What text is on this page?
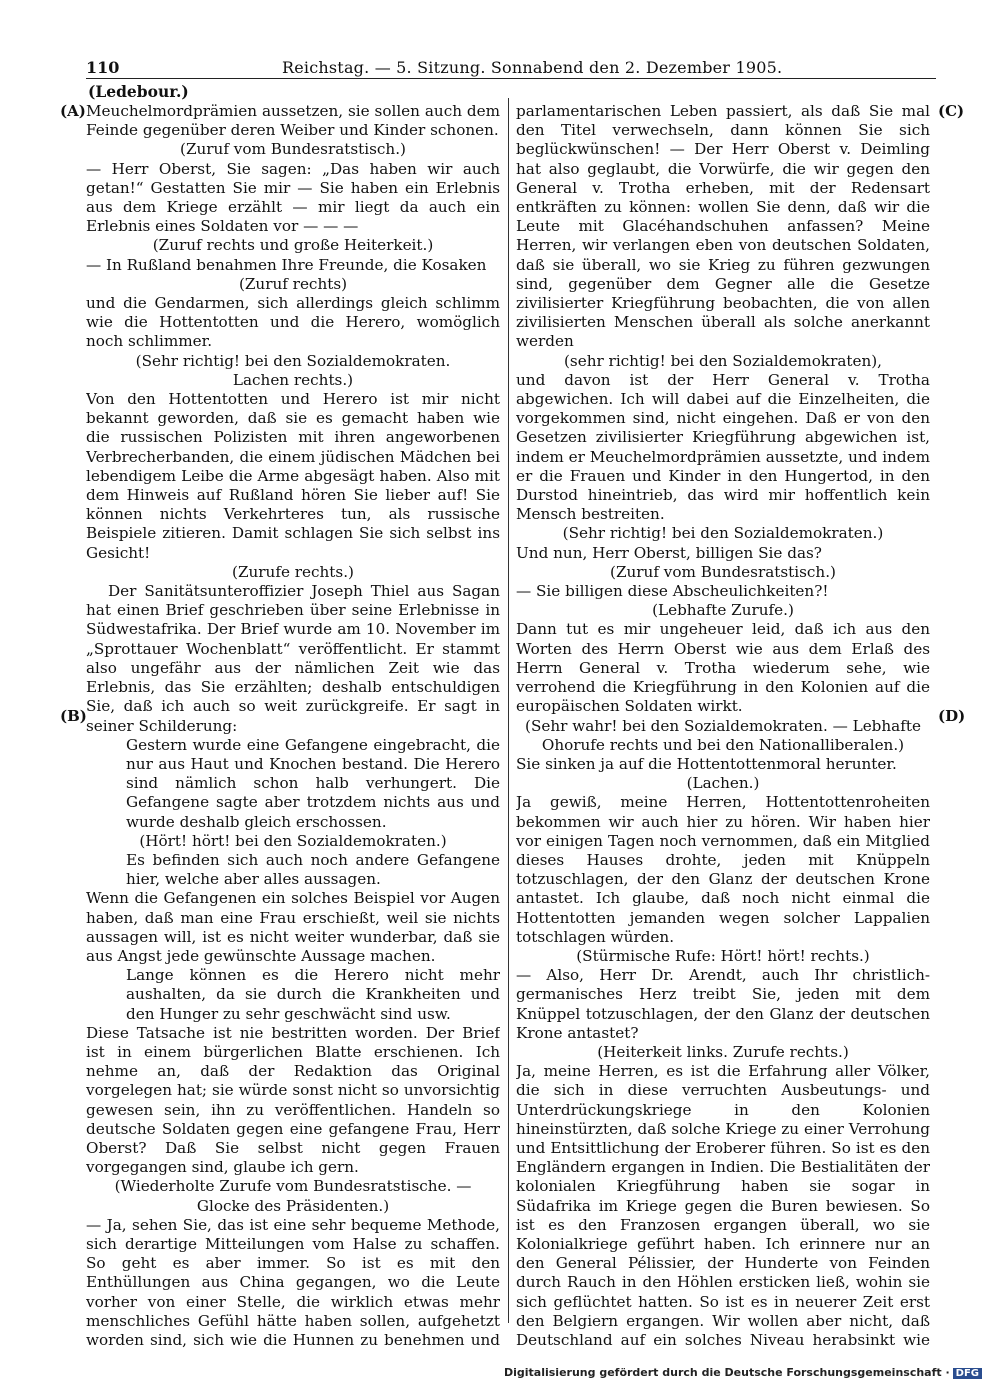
110	Reichstag. — 5. Sitzung. Sonnabend den 2. Dezember 1905.
(Ledebour.)
(A)
(B)
(C)
(D)

Meuchelmordprämien aussetzen, sie sollen auch dem Feinde gegenüber deren Weiber und Kinder schonen.

(Zuruf vom Bundesratstisch.)

— Herr Oberst, Sie sagen: „Das haben wir auch getan!“ Gestatten Sie mir — Sie haben ein Erlebnis aus dem Kriege erzählt — mir liegt da auch ein Erlebnis eines Soldaten vor — — —

(Zuruf rechts und große Heiterkeit.)

— In Rußland benahmen Ihre Freunde, die Kosaken

(Zuruf rechts)

und die Gendarmen, sich allerdings gleich schlimm wie die Hottentotten und die Herero, womöglich noch schlimmer.

(Sehr richtig! bei den Sozialdemokraten.

Lachen rechts.)

Von den Hottentotten und Herero ist mir nicht bekannt geworden, daß sie es gemacht haben wie die russischen Polizisten mit ihren angeworbenen Verbrecherbanden, die einem jüdischen Mädchen bei lebendigem Leibe die Arme abgesägt haben. Also mit dem Hinweis auf Rußland hören Sie lieber auf! Sie können nichts Verkehrteres tun, als russische Beispiele zitieren. Damit schlagen Sie sich selbst ins Gesicht!

(Zurufe rechts.)

Der Sanitätsunteroffizier Joseph Thiel aus Sagan hat einen Brief geschrieben über seine Erlebnisse in Südwestafrika. Der Brief wurde am 10. November im „Sprottauer Wochenblatt“ veröffentlicht. Er stammt also ungefähr aus der nämlichen Zeit wie das Erlebnis, das Sie erzählten; deshalb entschuldigen Sie, daß ich auch so weit zurückgreife. Er sagt in seiner Schilderung:

Gestern wurde eine Gefangene eingebracht, die nur aus Haut und Knochen bestand. Die Herero sind nämlich schon halb verhungert. Die Gefangene sagte aber trotzdem nichts aus und wurde deshalb gleich erschossen.

(Hört! hört! bei den Sozialdemokraten.)

Es befinden sich auch noch andere Gefangene hier, welche aber alles aussagen.

Wenn die Gefangenen ein solches Beispiel vor Augen haben, daß man eine Frau erschießt, weil sie nichts aussagen will, ist es nicht weiter wunderbar, daß sie aus Angst jede gewünschte Aussage machen.

Lange können es die Herero nicht mehr aushalten, da sie durch die Krankheiten und den Hunger zu sehr geschwächt sind usw.

Diese Tatsache ist nie bestritten worden. Der Brief ist in einem bürgerlichen Blatte erschienen. Ich nehme an, daß der Redaktion das Original vorgelegen hat; sie würde sonst nicht so unvorsichtig gewesen sein, ihn zu veröffentlichen. Handeln so deutsche Soldaten gegen eine gefangene Frau, Herr Oberst? Daß Sie selbst nicht gegen Frauen vorgegangen sind, glaube ich gern.

(Wiederholte Zurufe vom Bundesratstische. —

Glocke des Präsidenten.)

— Ja, sehen Sie, das ist eine sehr bequeme Methode, sich derartige Mitteilungen vom Halse zu schaffen. So geht es aber immer. So ist es mit den Enthüllungen aus China gegangen, wo die Leute vorher von einer Stelle, die wirklich etwas mehr menschliches Gefühl hätte haben sollen, aufgehetzt worden sind, sich wie die Hunnen zu benehmen und

parlamentarischen Leben passiert, als daß Sie mal den Titel verwechseln, dann können Sie sich beglückwünschen! — Der Herr Oberst v. Deimling hat also geglaubt, die Vorwürfe, die wir gegen den General v. Trotha erheben, mit der Redensart entkräften zu können: wollen Sie denn, daß wir die Leute mit Glacéhandschuhen anfassen? Meine Herren, wir verlangen eben von deutschen Soldaten, daß sie überall, wo sie Krieg zu führen gezwungen sind, gegenüber dem Gegner alle die Gesetze zivilisierter Kriegführung beobachten, die von allen zivilisierten Menschen überall als solche anerkannt werden

(sehr richtig! bei den Sozialdemokraten),

und davon ist der Herr General v. Trotha abgewichen. Ich will dabei auf die Einzelheiten, die vorgekommen sind, nicht eingehen. Daß er von den Gesetzen zivilisierter Kriegführung abgewichen ist, indem er Meuchelmordprämien aussetzte, und indem er die Frauen und Kinder in den Hungertod, in den Durstod hineintrieb, das wird mir hoffentlich kein Mensch bestreiten.

(Sehr richtig! bei den Sozialdemokraten.)

Und nun, Herr Oberst, billigen Sie das?

(Zuruf vom Bundesratstisch.)

— Sie billigen diese Abscheulichkeiten?!

(Lebhafte Zurufe.)

Dann tut es mir ungeheuer leid, daß ich aus den Worten des Herrn Oberst wie aus dem Erlaß des Herrn General v. Trotha wiederum sehe, wie verrohend die Kriegführung in den Kolonien auf die europäischen Soldaten wirkt.

(Sehr wahr! bei den Sozialdemokraten. — Lebhafte Ohorufe rechts und bei den Nationalliberalen.)

Sie sinken ja auf die Hottentottenmoral herunter.

(Lachen.)

Ja gewiß, meine Herren, Hottentottenroheiten bekommen wir auch hier zu hören. Wir haben hier vor einigen Tagen noch vernommen, daß ein Mitglied dieses Hauses drohte, jeden mit Knüppeln totzuschlagen, der den Glanz der deutschen Krone antastet. Ich glaube, daß noch nicht einmal die Hottentotten jemanden wegen solcher Lappalien totschlagen würden.

(Stürmische Rufe: Hört! hört! rechts.)

— Also, Herr Dr. Arendt, auch Ihr christlich-germanisches Herz treibt Sie, jeden mit dem Knüppel totzuschlagen, der den Glanz der deutschen Krone antastet?

(Heiterkeit links. Zurufe rechts.)

Ja, meine Herren, es ist die Erfahrung aller Völker, die sich in diese verruchten Ausbeutungs- und Unterdrückungskriege in den Kolonien hineinstürzten, daß solche Kriege zu einer Verrohung und Entsittlichung der Eroberer führen. So ist es den Engländern ergangen in Indien. Die Bestialitäten der kolonialen Kriegführung haben sie sogar in Südafrika im Kriege gegen die Buren bewiesen. So ist es den Franzosen ergangen überall, wo sie Kolonialkriege geführt haben. Ich erinnere nur an den General Pélissier, der Hunderte von Feinden durch Rauch in den Höhlen ersticken ließ, wohin sie sich geflüchtet hatten. So ist es in neuerer Zeit erst den Belgiern ergangen. Wir wollen aber nicht, daß Deutschland auf ein solches Niveau herabsinkt wie

Digitalisierung gefördert durch die Deutsche Forschungsgemeinschaft · DFG
